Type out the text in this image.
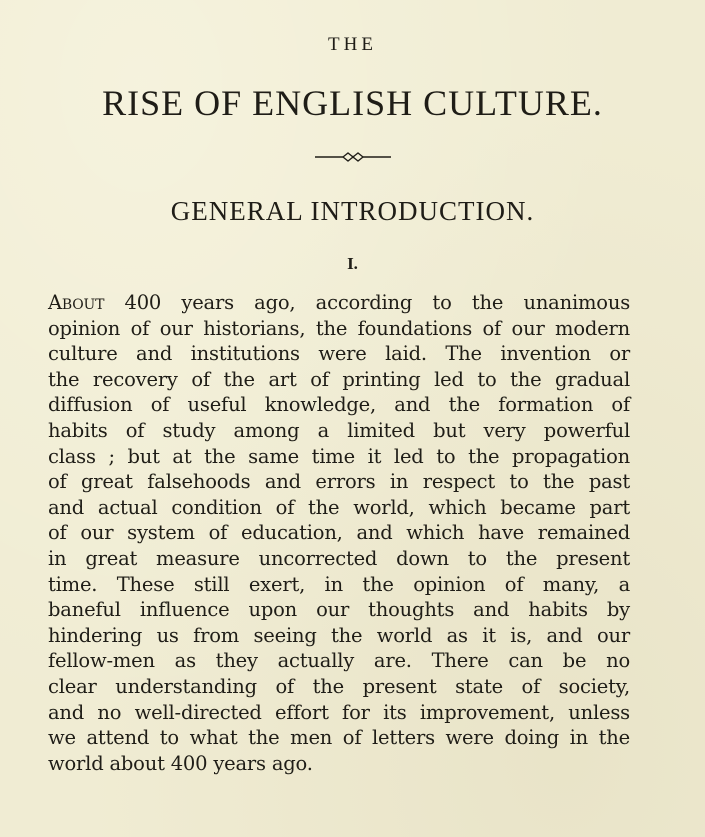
THE
RISE OF ENGLISH CULTURE.
GENERAL INTRODUCTION.
I.
About 400 years ago, according to the unanimous
opinion of our historians, the foundations of our modern
culture and institutions were laid. The invention or
the recovery of the art of printing led to the gradual
diffusion of useful knowledge, and the formation of
habits of study among a limited but very powerful
class ; but at the same time it led to the propagation
of great falsehoods and errors in respect to the past
and actual condition of the world, which became part
of our system of education, and which have remained
in great measure uncorrected down to the present
time. These still exert, in the opinion of many, a
baneful influence upon our thoughts and habits by
hindering us from seeing the world as it is, and our
fellow-men as they actually are. There can be no
clear understanding of the present state of society,
and no well-directed effort for its improvement, unless
we attend to what the men of letters were doing in the
world about 400 years ago.
